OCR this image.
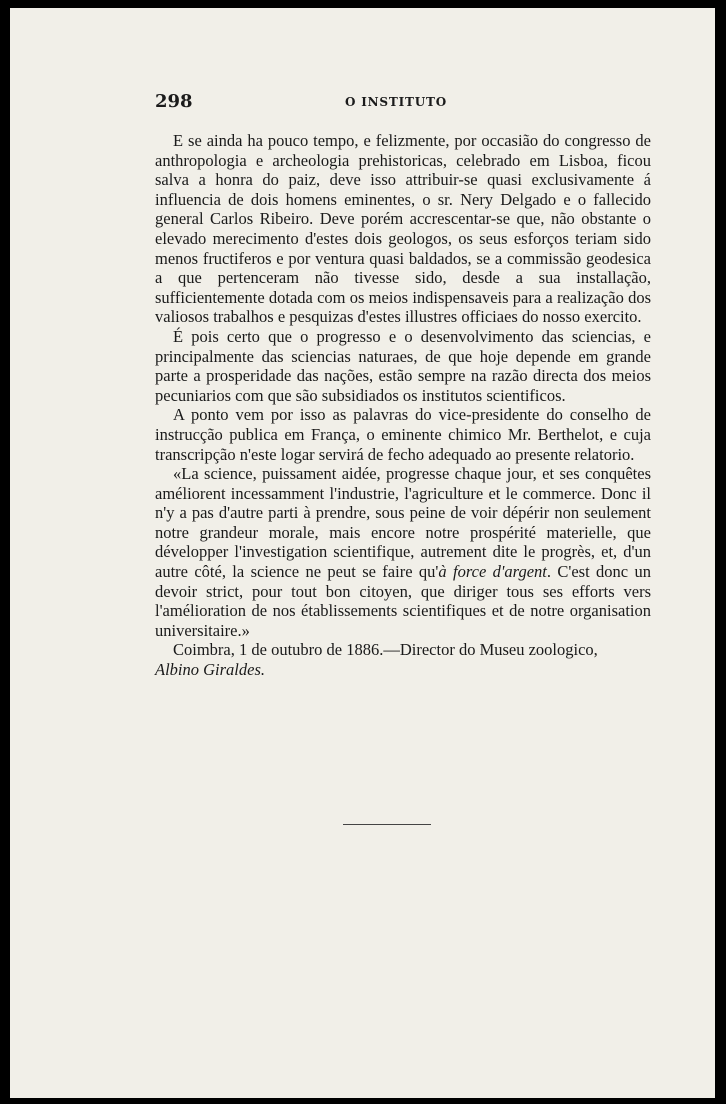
298	O INSTITUTO

E se ainda ha pouco tempo, e felizmente, por occasião do congresso de anthropologia e archeologia prehistoricas, celebrado em Lisboa, ficou salva a honra do paiz, deve isso attribuir-se quasi exclusivamente á influencia de dois homens eminentes, o sr. Nery Delgado e o fallecido general Carlos Ribeiro. Deve porém accrescentar-se que, não obstante o elevado merecimento d'estes dois geologos, os seus esforços teriam sido menos fructiferos e por ventura quasi baldados, se a commissão geodesica a que pertenceram não tivesse sido, desde a sua installação, sufficientemente dotada com os meios indispensaveis para a realização dos valiosos trabalhos e pesquizas d'estes illustres officiaes do nosso exercito.

É pois certo que o progresso e o desenvolvimento das sciencias, e principalmente das sciencias naturaes, de que hoje depende em grande parte a prosperidade das nações, estão sempre na razão directa dos meios pecuniarios com que são subsidiados os institutos scientificos.

A ponto vem por isso as palavras do vice-presidente do conselho de instrucção publica em França, o eminente chimico Mr. Berthelot, e cuja transcripção n'este logar servirá de fecho adequado ao presente relatorio.

«La science, puissament aidée, progresse chaque jour, et ses conquêtes améliorent incessamment l'industrie, l'agriculture et le commerce. Donc il n'y a pas d'autre parti à prendre, sous peine de voir dépérir non seulement notre grandeur morale, mais encore notre prospérité materielle, que développer l'investigation scientifique, autrement dite le progrès, et, d'un autre côté, la science ne peut se faire qu'à force d'argent. C'est donc un devoir strict, pour tout bon citoyen, que diriger tous ses efforts vers l'amélioration de nos établissements scientifiques et de notre organisation universitaire.»

Coimbra, 1 de outubro de 1886.—Director do Museu zoologico,
Albino Giraldes.
